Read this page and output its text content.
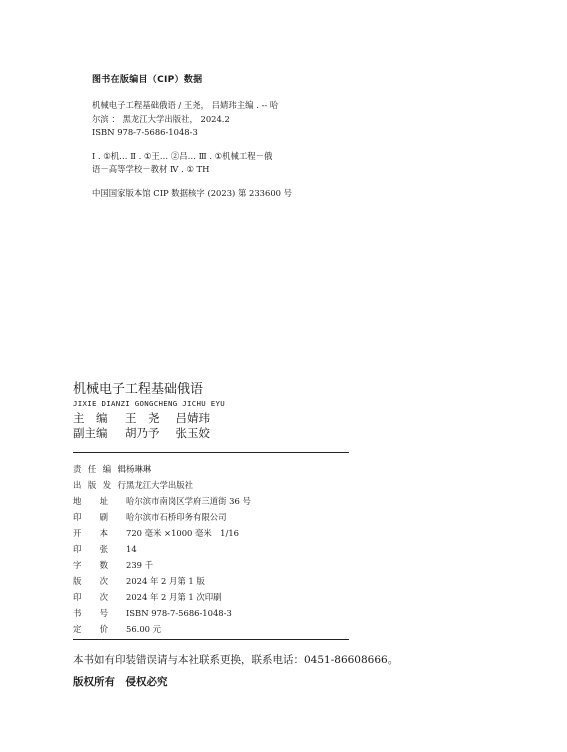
图书在版编目（CIP）数据

机械电子工程基础俄语 / 王尧， 吕婧玮主编 . -- 哈
尔滨 ： 黑龙江大学出版社， 2024.2
ISBN 978-7-5686-1048-3

Ⅰ . ①机… Ⅱ . ①王… ②吕… Ⅲ . ①机械工程－俄
语－高等学校－教材 Ⅳ . ① TH

中国国家版本馆 CIP 数据核字 (2023) 第 233600 号

机械电子工程基础俄语
JIXIE DIANZI GONGCHENG JICHU EYU
主　编	王　尧 吕婧玮
副主编	胡乃予 张玉姣
责任编辑 杨琳琳
出版发行 黑龙江大学出版社
地址	哈尔滨市南岗区学府三道街 36 号
印刷	哈尔滨市石桥印务有限公司
开本	720 毫米 ×1000 毫米　1/16
印张	14
字数	239 千
版次	2024 年 2 月第 1 版
印次	2024 年 2 月第 1 次印刷
书号	ISBN 978-7-5686-1048-3
定价	56.00 元
本书如有印装错误请与本社联系更换，联系电话：0451-86608666。
版权所有　侵权必究
